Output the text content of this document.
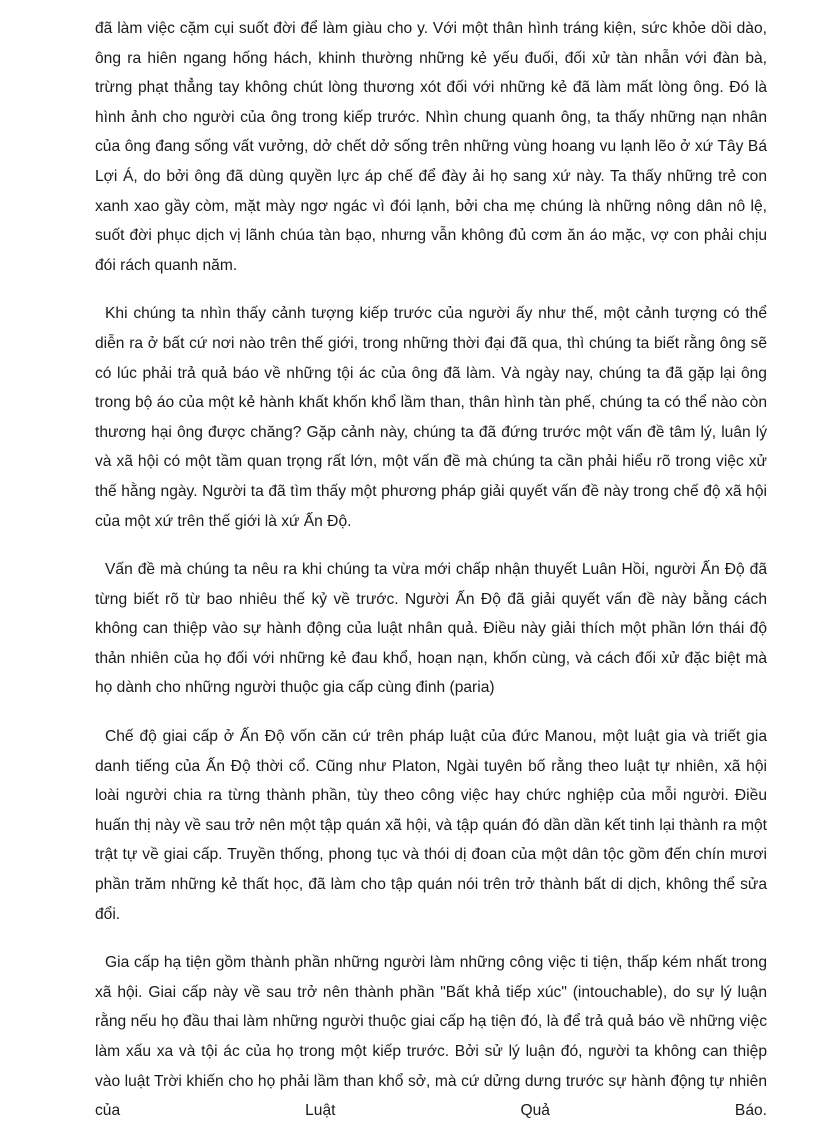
đã làm việc cặm cụi suốt đời để làm giàu cho y. Với một thân hình tráng kiện, sức khỏe dồi dào, ông ra hiên ngang hống hách, khinh thường những kẻ yếu đuối, đối xử tàn nhẫn với đàn bà, trừng phạt thẳng tay không chút lòng thương xót đối với những kẻ đã làm mất lòng ông. Đó là hình ảnh cho người của ông trong kiếp trước. Nhìn chung quanh ông, ta thấy những nạn nhân của ông đang sống vất vưởng, dở chết dở sống trên những vùng hoang vu lạnh lẽo ở xứ Tây Bá Lợi Á, do bởi ông đã dùng quyền lực áp chế để đày ải họ sang xứ này. Ta thấy những trẻ con xanh xao gầy còm, mặt mày ngơ ngác vì đói lạnh, bởi cha mẹ chúng là những nông dân nô lệ, suốt đời phục dịch vị lãnh chúa tàn bạo, nhưng vẫn không đủ cơm ăn áo mặc, vợ con phải chịu đói rách quanh năm.

Khi chúng ta nhìn thấy cảnh tượng kiếp trước của người ấy như thế, một cảnh tượng có thể diễn ra ở bất cứ nơi nào trên thế giới, trong những thời đại đã qua, thì chúng ta biết rằng ông sẽ có lúc phải trả quả báo về những tội ác của ông đã làm. Và ngày nay, chúng ta đã gặp lại ông trong bộ áo của một kẻ hành khất khốn khổ lầm than, thân hình tàn phế, chúng ta có thể nào còn thương hại ông được chăng? Gặp cảnh này, chúng ta đã đứng trước một vấn đề tâm lý, luân lý và xã hội có một tầm quan trọng rất lớn, một vấn đề mà chúng ta cần phải hiểu rõ trong việc xử thế hằng ngày. Người ta đã tìm thấy một phương pháp giải quyết vấn đề này trong chế độ xã hội của một xứ trên thế giới là xứ Ấn Độ.

Vấn đề mà chúng ta nêu ra khi chúng ta vừa mới chấp nhận thuyết Luân Hồi, người Ấn Độ đã từng biết rõ từ bao nhiêu thế kỷ về trước. Người Ấn Độ đã giải quyết vấn đề này bằng cách không can thiệp vào sự hành động của luật nhân quả. Điều này giải thích một phần lớn thái độ thản nhiên của họ đối với những kẻ đau khổ, hoạn nạn, khốn cùng, và cách đối xử đặc biệt mà họ dành cho những người thuộc gia cấp cùng đinh (paria)

Chế độ giai cấp ở Ấn Độ vốn căn cứ trên pháp luật của đức Manou, một luật gia và triết gia danh tiếng của Ấn Độ thời cổ. Cũng như Platon, Ngài tuyên bố rằng theo luật tự nhiên, xã hội loài người chia ra từng thành phần, tùy theo công việc hay chức nghiệp của mỗi người. Điều huấn thị này về sau trở nên một tập quán xã hội, và tập quán đó dần dần kết tinh lại thành ra một trật tự về giai cấp. Truyền thống, phong tục và thói dị đoan của một dân tộc gồm đến chín mươi phần trăm những kẻ thất học, đã làm cho tập quán nói trên trở thành bất di dịch, không thể sửa đổi.

Gia cấp hạ tiện gồm thành phần những người làm những công việc ti tiện, thấp kém nhất trong xã hội. Giai cấp này về sau trở nên thành phần "Bất khả tiếp xúc" (intouchable), do sự lý luận rằng nếu họ đầu thai làm những người thuộc giai cấp hạ tiện đó, là để trả quả báo về những việc làm xấu xa và tội ác của họ trong một kiếp trước. Bởi sử lý luận đó, người ta không can thiệp vào luật Trời khiến cho họ phải lầm than khổ sở, mà cứ dửng dưng trước sự hành động tự nhiên của Luật Quả Báo.
